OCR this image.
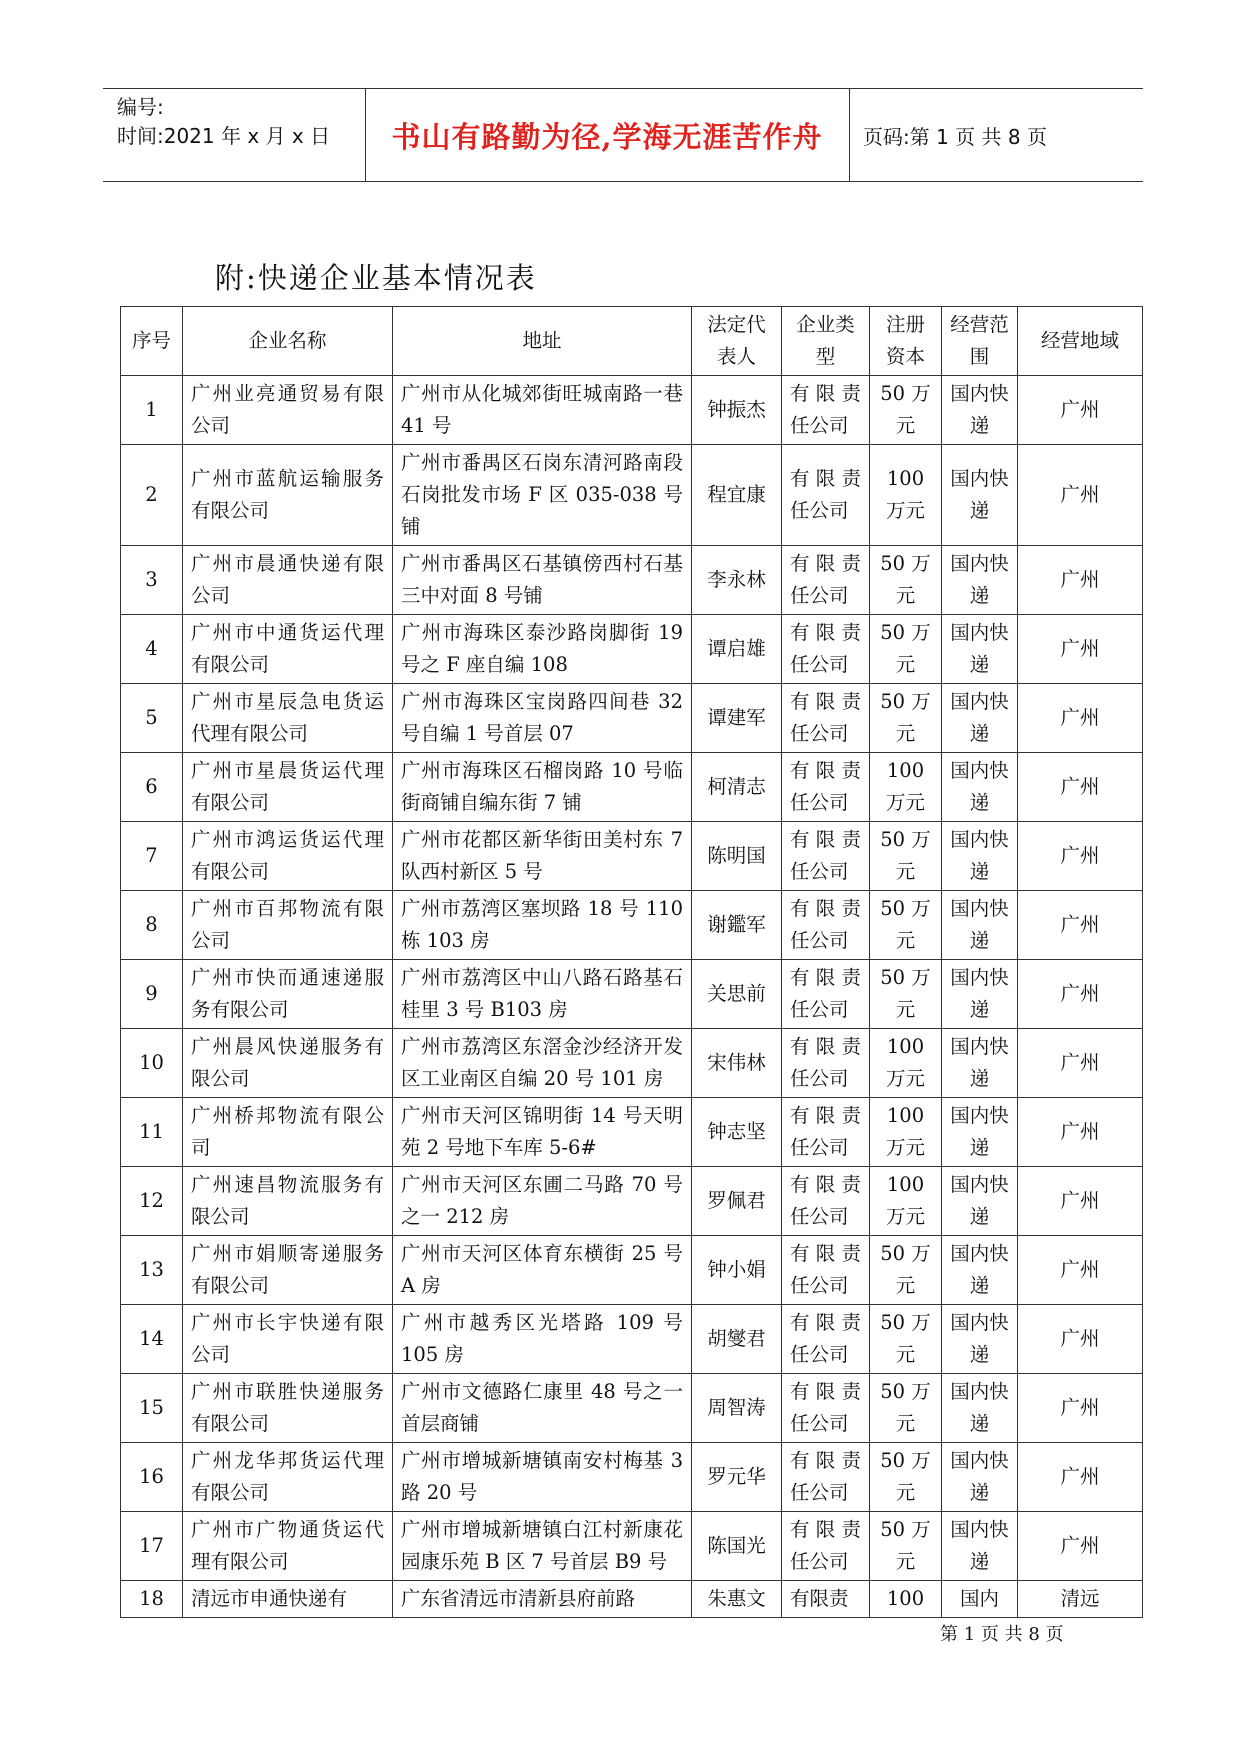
编号:
时间:2021 年 x 月 x 日	书山有路勤为径,学海无涯苦作舟	页码:第 1 页 共 8 页
附:快递企业基本情况表
序号	企业名称	地址	法定代表人	企业类型	注册资本	经营范围	经营地域
1	广州业亮通贸易有限公司	广州市从化城郊街旺城南路一巷 41 号	钟振杰	有限责任公司	50 万元	国内快递	广州
2	广州市蓝航运输服务有限公司	广州市番禺区石岗东清河路南段石岗批发市场 F 区 035-038 号铺	程宜康	有限责任公司	100 万元	国内快递	广州
3	广州市晨通快递有限公司	广州市番禺区石基镇傍西村石基三中对面 8 号铺	李永林	有限责任公司	50 万元	国内快递	广州
4	广州市中通货运代理有限公司	广州市海珠区泰沙路岗脚街 19 号之 F 座自编 108	谭启雄	有限责任公司	50 万元	国内快递	广州
5	广州市星辰急电货运代理有限公司	广州市海珠区宝岗路四间巷 32 号自编 1 号首层 07	谭建军	有限责任公司	50 万元	国内快递	广州
6	广州市星晨货运代理有限公司	广州市海珠区石榴岗路 10 号临街商铺自编东街 7 铺	柯清志	有限责任公司	100 万元	国内快递	广州
7	广州市鸿运货运代理有限公司	广州市花都区新华街田美村东 7 队西村新区 5 号	陈明国	有限责任公司	50 万元	国内快递	广州
8	广州市百邦物流有限公司	广州市荔湾区塞坝路 18 号 110 栋 103 房	谢鑑军	有限责任公司	50 万元	国内快递	广州
9	广州市快而通速递服务有限公司	广州市荔湾区中山八路石路基石桂里 3 号 B103 房	关思前	有限责任公司	50 万元	国内快递	广州
10	广州晨风快递服务有限公司	广州市荔湾区东滘金沙经济开发区工业南区自编 20 号 101 房	宋伟林	有限责任公司	100 万元	国内快递	广州
11	广州桥邦物流有限公司	广州市天河区锦明街 14 号天明苑 2 号地下车库 5-6#	钟志坚	有限责任公司	100 万元	国内快递	广州
12	广州速昌物流服务有限公司	广州市天河区东圃二马路 70 号之一 212 房	罗佩君	有限责任公司	100 万元	国内快递	广州
13	广州市娟顺寄递服务有限公司	广州市天河区体育东横街 25 号 A 房	钟小娟	有限责任公司	50 万元	国内快递	广州
14	广州市长宇快递有限公司	广州市越秀区光塔路 109 号 105 房	胡燮君	有限责任公司	50 万元	国内快递	广州
15	广州市联胜快递服务有限公司	广州市文德路仁康里 48 号之一首层商铺	周智涛	有限责任公司	50 万元	国内快递	广州
16	广州龙华邦货运代理有限公司	广州市增城新塘镇南安村梅基 3 路 20 号	罗元华	有限责任公司	50 万元	国内快递	广州
17	广州市广物通货运代理有限公司	广州市增城新塘镇白江村新康花园康乐苑 B 区 7 号首层 B9 号	陈国光	有限责任公司	50 万元	国内快递	广州
18	清远市申通快递有	广东省清远市清新县府前路	朱惠文	有限责	100	国内	清远
第 1 页 共 8 页
